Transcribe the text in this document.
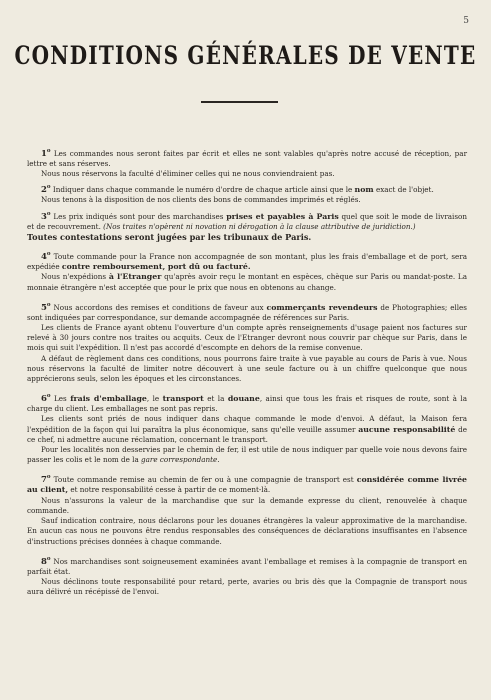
5
CONDITIONS GÉNÉRALES DE VENTE

1$^o$ Les commandes nous seront faites par écrit et elles ne sont valables qu'après notre accusé de réception, par lettre et sans réserves.

Nous nous réservons la faculté d'éliminer celles qui ne nous conviendraient pas.

2$^o$ Indiquer dans chaque commande le numéro d'ordre de chaque article ainsi que le nom exact de l'objet.

Nous tenons à la disposition de nos clients des bons de commandes imprimés et réglés.

3$^o$ Les prix indiqués sont pour des marchandises prises et payables à Paris quel que soit le mode de livraison et de recouvrement. (Nos traites n'opèrent ni novation ni dérogation à la clause attributive de juridiction.)

Toutes contestations seront jugées par les tribunaux de Paris.

4$^o$ Toute commande pour la France non accompagnée de son montant, plus les frais d'emballage et de port, sera expédiée contre remboursement, port dû ou facturé.

Nous n'expédions à l'Etranger qu'après avoir reçu le montant en espèces, chèque sur Paris ou mandat-poste. La monnaie étrangère n'est acceptée que pour le prix que nous en obtenons au change.

5$^o$ Nous accordons des remises et conditions de faveur aux commerçants revendeurs de Photographies; elles sont indiquées par correspondance, sur demande accompagnée de références sur Paris.

Les clients de France ayant obtenu l'ouverture d'un compte après renseignements d'usage paient nos factures sur relevé à 30 jours contre nos traites ou acquits. Ceux de l'Etranger devront nous couvrir par chèque sur Paris, dans le mois qui suit l'expédition. Il n'est pas accordé d'escompte en dehors de la remise convenue.

A défaut de règlement dans ces conditions, nous pourrons faire traite à vue payable au cours de Paris à vue. Nous nous réservons la faculté de limiter notre découvert à une seule facture ou à un chiffre quelconque que nous apprécierons seuls, selon les époques et les circonstances.

6$^o$ Les frais d'emballage, le transport et la douane, ainsi que tous les frais et risques de route, sont à la charge du client. Les emballages ne sont pas repris.

Les clients sont priés de nous indiquer dans chaque commande le mode d'envoi. A défaut, la Maison fera l'expédition de la façon qui lui paraîtra la plus économique, sans qu'elle veuille assumer aucune responsabilité de ce chef, ni admettre aucune réclamation, concernant le transport.

Pour les localités non desservies par le chemin de fer, il est utile de nous indiquer par quelle voie nous devons faire passer les colis et le nom de la gare correspondante.

7$^o$ Toute commande remise au chemin de fer ou à une compagnie de transport est considérée comme livrée au client, et notre responsabilité cesse à partir de ce moment-là.

Nous n'assurons la valeur de la marchandise que sur la demande expresse du client, renouvelée à chaque commande.

Sauf indication contraire, nous déclarons pour les douanes étrangères la valeur approximative de la marchandise. En aucun cas nous ne pouvons être rendus responsables des conséquences de déclarations insuffisantes en l'absence d'instructions précises données à chaque commande.

8$^o$ Nos marchandises sont soigneusement examinées avant l'emballage et remises à la compagnie de transport en parfait état.

Nous déclinons toute responsabilité pour retard, perte, avaries ou bris dès que la Compagnie de transport nous aura délivré un récépissé de l'envoi.
